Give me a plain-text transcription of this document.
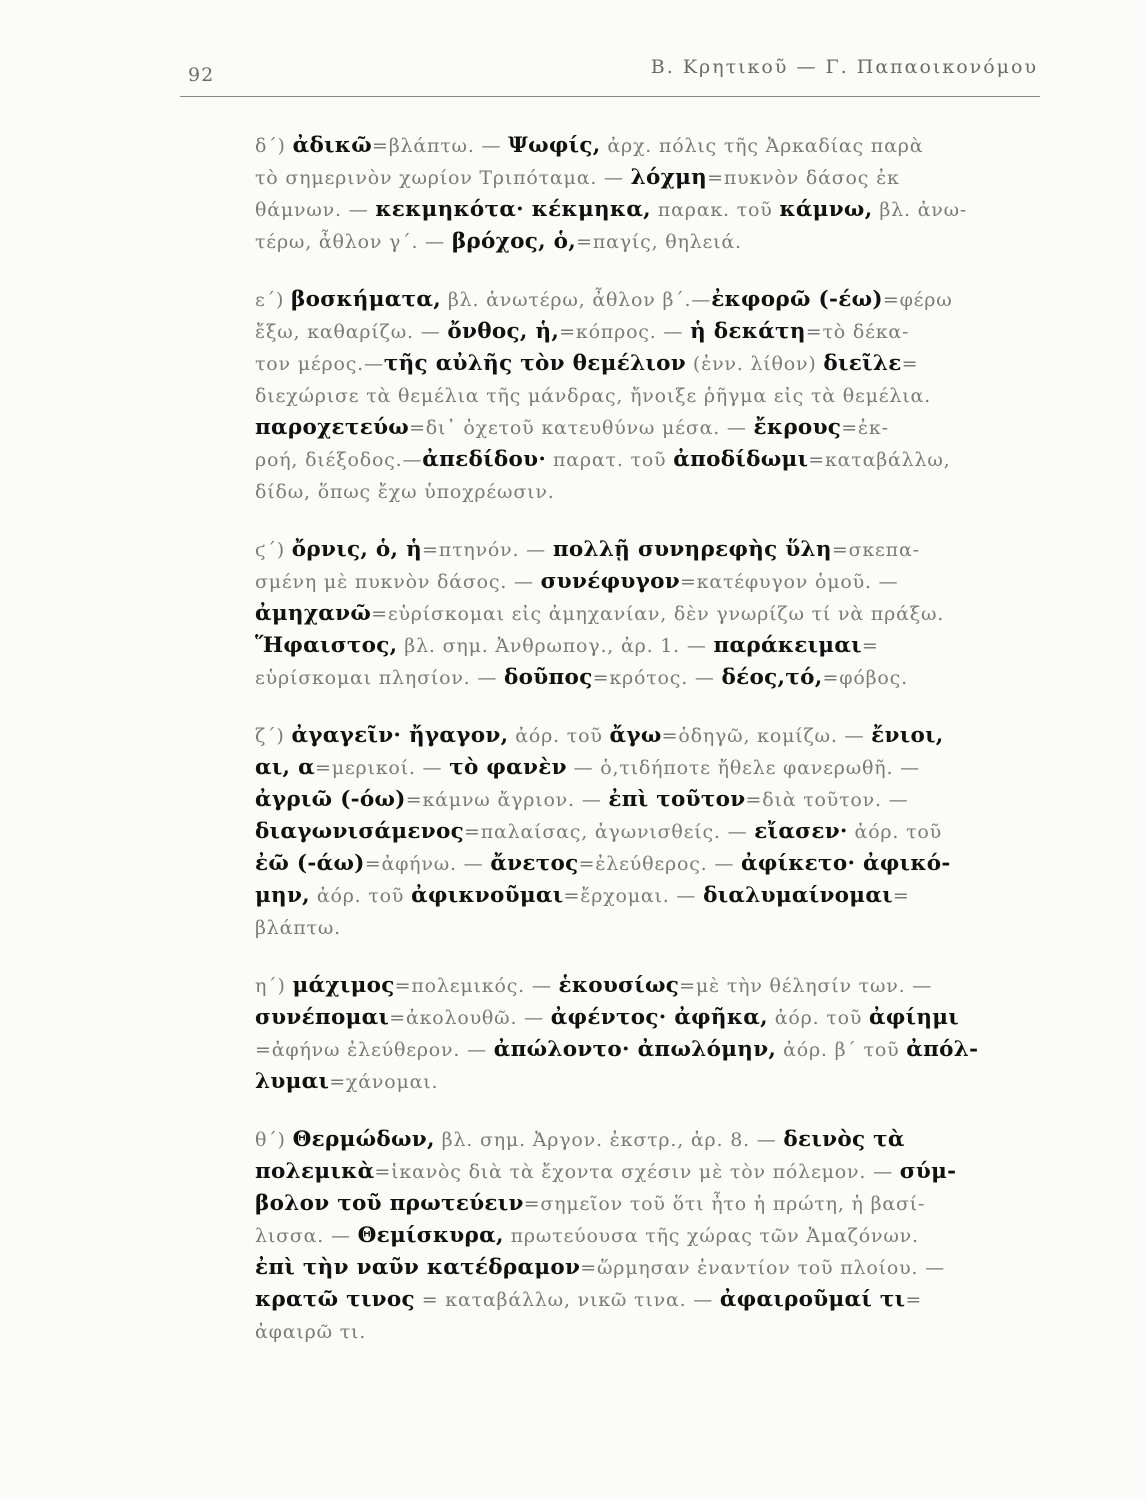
92	Β. Κρητικοῦ — Γ. Παπαοικονόμου
δ΄) ἀδικῶ=βλάπτω. — Ψωφίς, ἀρχ. πόλις τῆς Ἀρκαδίας παρὰ
τὸ σημερινὸν χωρίον Τριπόταμα. — λόχμη=πυκνὸν δάσος ἐκ
θάμνων. — κεκμηκότα· κέκμηκα, παρακ. τοῦ κάμνω, βλ. ἀνω-
τέρω, ἆθλον γ΄. — βρόχος, ὁ,=παγίς, θηλειά.
ε΄) βοσκήματα, βλ. ἀνωτέρω, ἆθλον β΄.—ἐκφορῶ (-έω)=φέρω
ἔξω, καθαρίζω. — ὄνθος, ἡ,=κόπρος. — ἡ δεκάτη=τὸ δέκα-
τον μέρος.—τῆς αὐλῆς τὸν θεμέλιον (ἐνν. λίθον) διεῖλε=
διεχώρισε τὰ θεμέλια τῆς μάνδρας, ἤνοιξε ῥῆγμα εἰς τὰ θεμέλια.
παροχετεύω=δι᾽ ὀχετοῦ κατευθύνω μέσα. — ἔκρους=ἐκ-
ροή, διέξοδος.—ἀπεδίδου· παρατ. τοῦ ἀποδίδωμι=καταβάλλω,
δίδω, ὅπως ἔχω ὑποχρέωσιν.
ϛ΄) ὄρνις, ὁ, ἡ=πτηνόν. — πολλῇ συνηρεφὴς ὕλη=σκεπα-
σμένη μὲ πυκνὸν δάσος. — συνέφυγον=κατέφυγον ὁμοῦ. —
ἀμηχανῶ=εὑρίσκομαι εἰς ἀμηχανίαν, δὲν γνωρίζω τί νὰ πράξω.
Ἥφαιστος, βλ. σημ. Ἀνθρωπογ., ἀρ. 1. — παράκειμαι=
εὑρίσκομαι πλησίον. — δοῦπος=κρότος. — δέος,τό,=φόβος.
ζ΄) ἀγαγεῖν· ἤγαγον, ἀόρ. τοῦ ἄγω=ὁδηγῶ, κομίζω. — ἔνιοι,
αι, α=μερικοί. — τὸ φανὲν — ὁ,τιδήποτε ἤθελε φανερωθῆ. —
ἀγριῶ (-όω)=κάμνω ἄγριον. — ἐπὶ τοῦτον=διὰ τοῦτον. —
διαγωνισάμενος=παλαίσας, ἀγωνισθείς. — εἴασεν· ἀόρ. τοῦ
ἐῶ (-άω)=ἀφήνω. — ἄνετος=ἐλεύθερος. — ἀφίκετο· ἀφικό-
μην, ἀόρ. τοῦ ἀφικνοῦμαι=ἔρχομαι. — διαλυμαίνομαι=
βλάπτω.
η΄) μάχιμος=πολεμικός. — ἑκουσίως=μὲ τὴν θέλησίν των. —
συνέπομαι=ἀκολουθῶ. — ἀφέντος· ἀφῆκα, ἀόρ. τοῦ ἀφίημι
=ἀφήνω ἐλεύθερον. — ἀπώλοντο· ἀπωλόμην, ἀόρ. β΄ τοῦ ἀπόλ-
λυμαι=χάνομαι.
θ΄) Θερμώδων, βλ. σημ. Ἀργον. ἐκστρ., ἀρ. 8. — δεινὸς τὰ
πολεμικὰ=ἱκανὸς διὰ τὰ ἔχοντα σχέσιν μὲ τὸν πόλεμον. — σύμ-
βολον τοῦ πρωτεύειν=σημεῖον τοῦ ὅτι ἦτο ἡ πρώτη, ἡ βασί-
λισσα. — Θεμίσκυρα, πρωτεύουσα τῆς χώρας τῶν Ἀμαζόνων.
ἐπὶ τὴν ναῦν κατέδραμον=ὥρμησαν ἐναντίον τοῦ πλοίου. —
κρατῶ τινος = καταβάλλω, νικῶ τινα. — ἀφαιροῦμαί τι=
ἀφαιρῶ τι.
